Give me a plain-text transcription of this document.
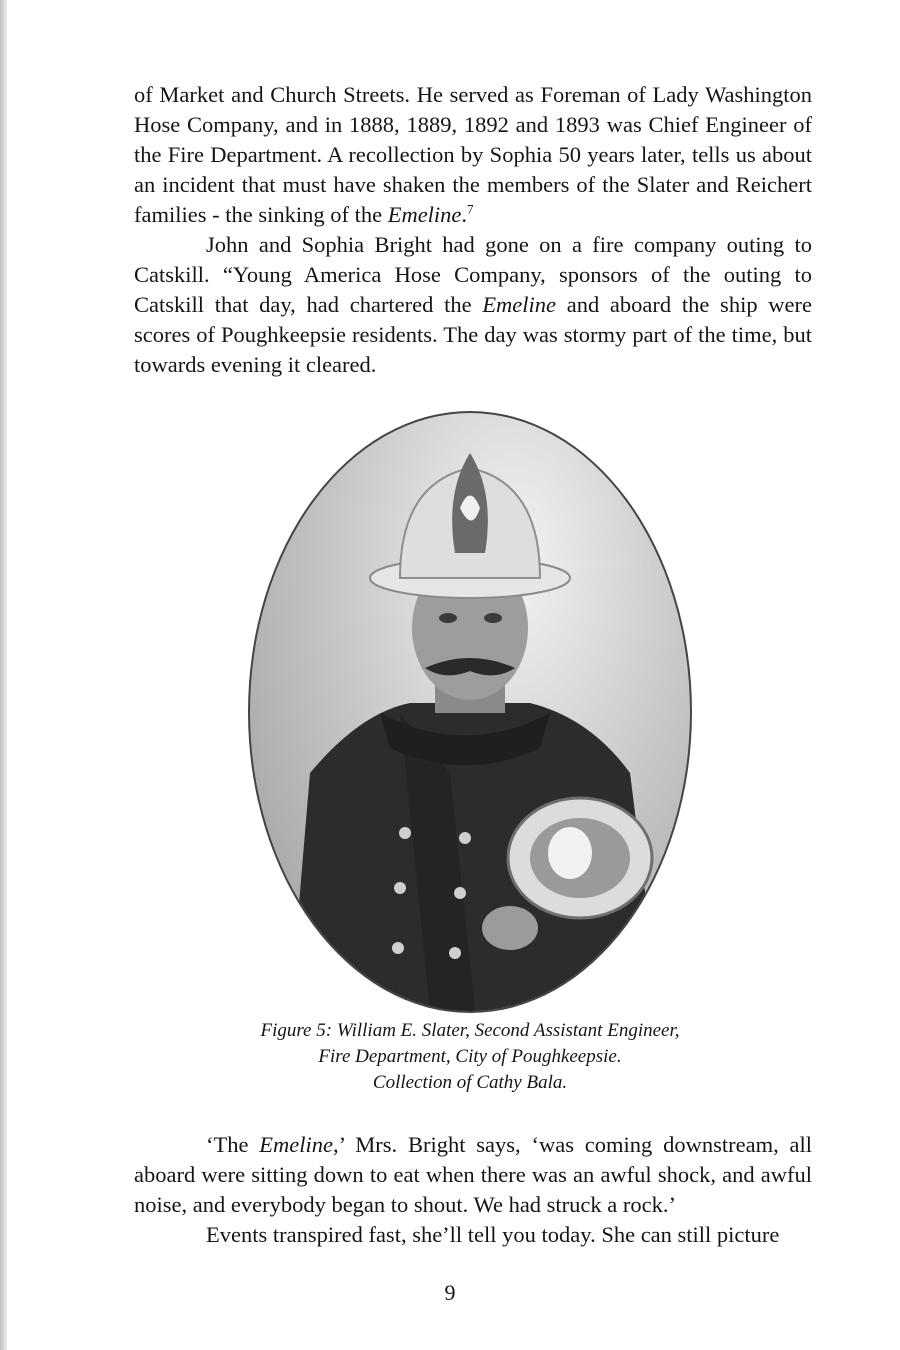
of Market and Church Streets. He served as Foreman of Lady Washington Hose Company, and in 1888, 1889, 1892 and 1893 was Chief Engineer of the Fire Department. A recollection by Sophia 50 years later, tells us about an incident that must have shaken the members of the Slater and Reichert families - the sinking of the Emeline.$^7$

John and Sophia Bright had gone on a fire company outing to Catskill. “Young America Hose Company, sponsors of the outing to Catskill that day, had chartered the Emeline and aboard the ship were scores of Poughkeepsie residents. The day was stormy part of the time, but towards evening it cleared.

Figure 5: William E. Slater, Second Assistant Engineer,
Fire Department, City of Poughkeepsie.
Collection of Cathy Bala.

‘The Emeline,’ Mrs. Bright says, ‘was coming downstream, all aboard were sitting down to eat when there was an awful shock, and awful noise, and everybody began to shout. We had struck a rock.’

Events transpired fast, she’ll tell you today. She can still picture

9
